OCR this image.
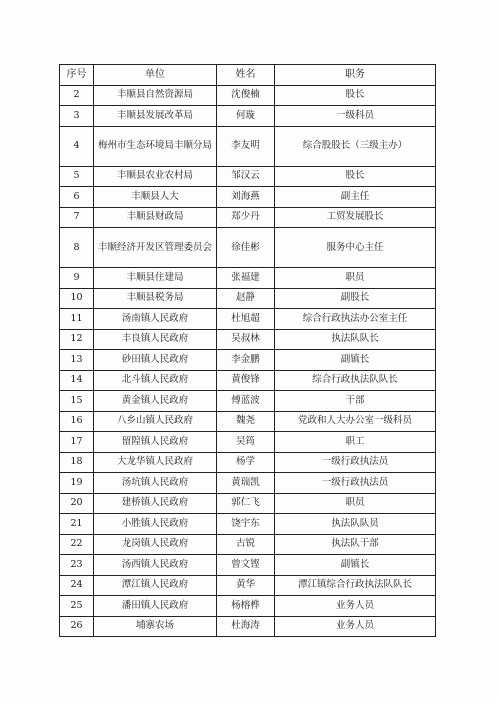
序号	单位	姓名	职务
2	丰顺县自然资源局	沈俊楠	股长
3	丰顺县发展改革局	何璇	一级科员
4	梅州市生态环境局丰顺分局	李友明	综合股股长（三级主办）
5	丰顺县农业农村局	邹汉云	股长
6	丰顺县人大	刘海燕	副主任
7	丰顺县财政局	郑少丹	工贸发展股长
8	丰顺经济开发区管理委员会	徐佳彬	服务中心主任
9	丰顺县住建局	张福建	职员
10	丰顺县税务局	赵静	副股长
11	汤南镇人民政府	杜旭超	综合行政执法办公室主任
12	丰良镇人民政府	吴叔林	执法队队长
13	砂田镇人民政府	李金鹏	副镇长
14	北斗镇人民政府	黄俊锋	综合行政执法队队长
15	黄金镇人民政府	傅蓝波	干部
16	八乡山镇人民政府	魏尧	党政和人大办公室一级科员
17	留隍镇人民政府	吴筠	职工
18	大龙华镇人民政府	杨学	一级行政执法员
19	汤坑镇人民政府	黄瑞凯	一级行政执法员
20	建桥镇人民政府	郭仁飞	职员
21	小胜镇人民政府	饶宇东	执法队队员
22	龙岗镇人民政府	古锐	执法队干部
23	汤西镇人民政府	曾文铿	副镇长
24	潭江镇人民政府	黄华	潭江镇综合行政执法队队长
25	潘田镇人民政府	杨榕桦	业务人员
26	埔寨农场	杜海涛	业务人员
